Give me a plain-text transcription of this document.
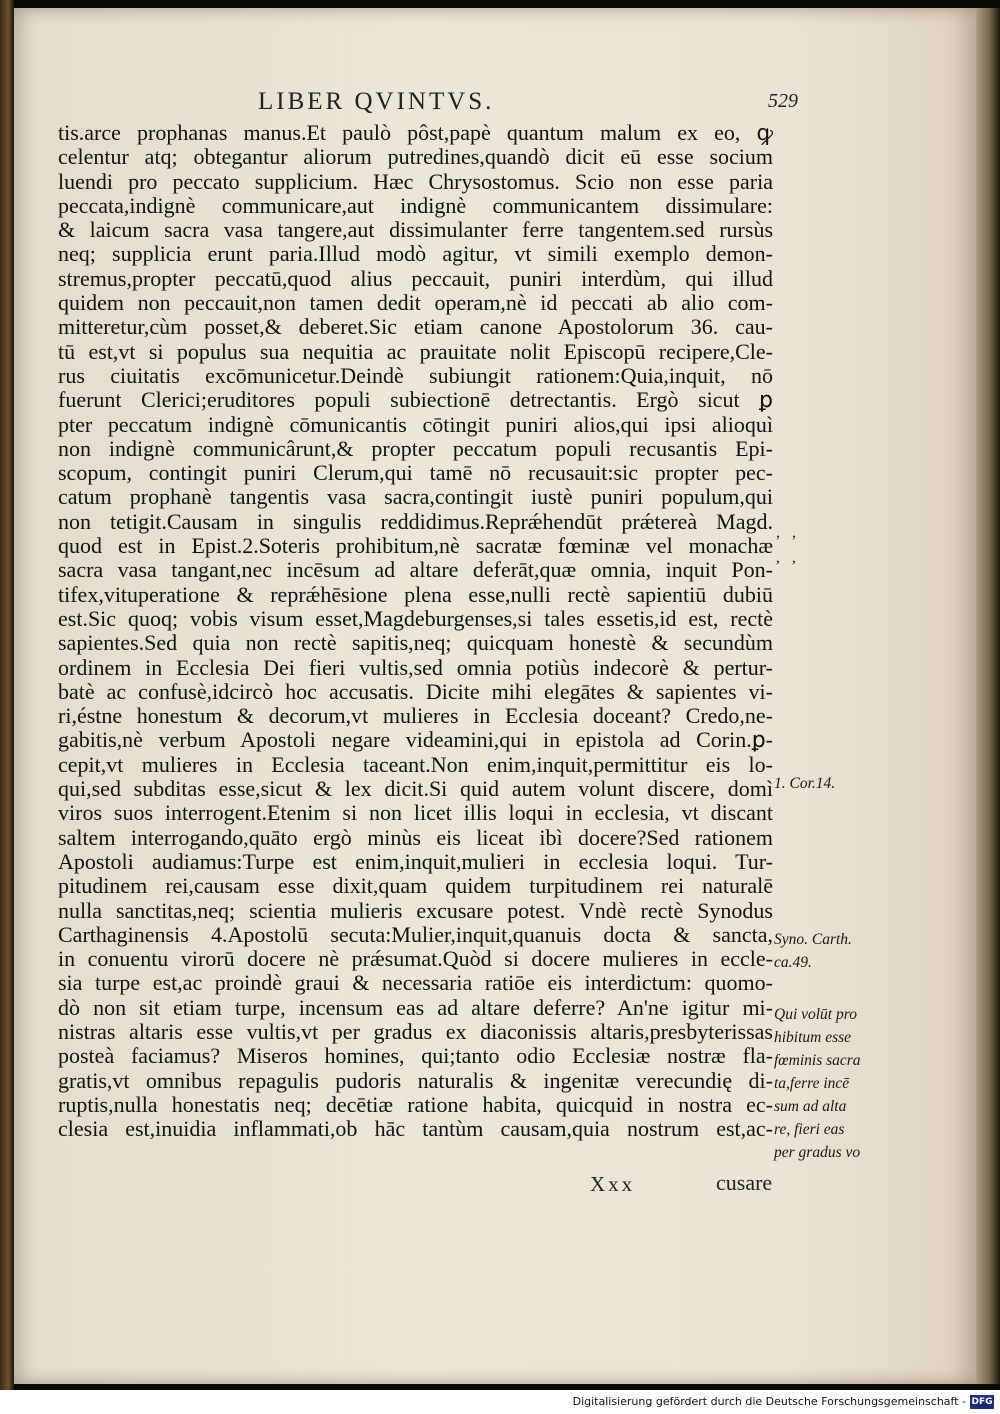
LIBER QVINTVS.	529
tis.arce prophanas manus.Et paulò pôst,papè quantum malum ex eo, ꝙ
celentur atq; obtegantur aliorum putredines,quandò dicit eū esse socium
luendi pro peccato supplicium. Hæc Chrysostomus. Scio non esse paria
peccata,indignè communicare,aut indignè communicantem dissimulare:
& laicum sacra vasa tangere,aut dissimulanter ferre tangentem.sed rursùs
neq; supplicia erunt paria.Illud modò agitur, vt simili exemplo demon-
stremus,propter peccatū,quod alius peccauit, puniri interdùm, qui illud
quidem non peccauit,non tamen dedit operam,nè id peccati ab alio com-
mitteretur,cùm posset,& deberet.Sic etiam canone Apostolorum 36. cau-
tū est,vt si populus sua nequitia ac prauitate nolit Episcopū recipere,Cle-
rus ciuitatis excōmunicetur.Deindè subiungit rationem:Quia,inquit, nō
fuerunt Clerici;eruditores populi subiectionē detrectantis. Ergò sicut ꝑ
pter peccatum indignè cōmunicantis cōtingit puniri alios,qui ipsi alioquì
non indignè communicârunt,& propter peccatum populi recusantis Epi-
scopum, contingit puniri Clerum,qui tamē nō recusauit:sic propter pec-
catum prophanè tangentis vasa sacra,contingit iustè puniri populum,qui
non tetigit.Causam in singulis reddidimus.Reprǽhendūt prǽtereà Magd.
quod est in Epist.2.Soteris prohibitum,nè sacratæ fœminæ vel monachæ
sacra vasa tangant,nec incēsum ad altare deferāt,quæ omnia, inquit Pon-
tifex,vituperatione & reprǽhēsione plena esse,nulli rectè sapientiū dubiū
est.Sic quoq; vobis visum esset,Magdeburgenses,si tales essetis,id est, rectè
sapientes.Sed quia non rectè sapitis,neq; quicquam honestè & secundùm
ordinem in Ecclesia Dei fieri vultis,sed omnia potiùs indecorè & pertur-
batè ac confusè,idcircò hoc accusatis. Dicite mihi elegātes & sapientes vi-
ri,éstne honestum & decorum,vt mulieres in Ecclesia doceant? Credo,ne-
gabitis,nè verbum Apostoli negare videamini,qui in epistola ad Corin.ꝑ-
cepit,vt mulieres in Ecclesia taceant.Non enim,inquit,permittitur eis lo-
qui,sed subditas esse,sicut & lex dicit.Si quid autem volunt discere, domì
viros suos interrogent.Etenim si non licet illis loqui in ecclesia, vt discant
saltem interrogando,quāto ergò minùs eis liceat ibì docere?Sed rationem
Apostoli audiamus:Turpe est enim,inquit,mulieri in ecclesia loqui. Tur-
pitudinem rei,causam esse dixit,quam quidem turpitudinem rei naturalē
nulla sanctitas,neq; scientia mulieris excusare potest. Vndè rectè Synodus
Carthaginensis 4.Apostolū secuta:Mulier,inquit,quanuis docta & sancta,
in conuentu virorū docere nè prǽsumat.Quòd si docere mulieres in eccle-
sia turpe est,ac proindè graui & necessaria ratiōe eis interdictum: quomo-
dò non sit etiam turpe, incensum eas ad altare deferre? An'ne igitur mi-
nistras altaris esse vultis,vt per gradus ex diaconissis altaris,presbyterissas
posteà faciamus? Miseros homines, qui;tanto odio Ecclesiæ nostræ fla-
gratis,vt omnibus repagulis pudoris naturalis & ingenitæ verecundię di-
ruptis,nulla honestatis neq; decētiæ ratione habita, quicquid in nostra ec-
clesia est,inuidia inflammati,ob hāc tantùm causam,quia nostrum est,ac-
, ,
, ,
1. Cor.14.
Syno. Carth.
ca.49.
Qui volūt pro
hibitum esse
fœminis sacra
ta,ferre incē
sum ad alta
re, fieri eas
per gradus vo
Xxx	cusare
Digitalisierung gefördert durch die Deutsche Forschungsgemeinschaft - DFG
